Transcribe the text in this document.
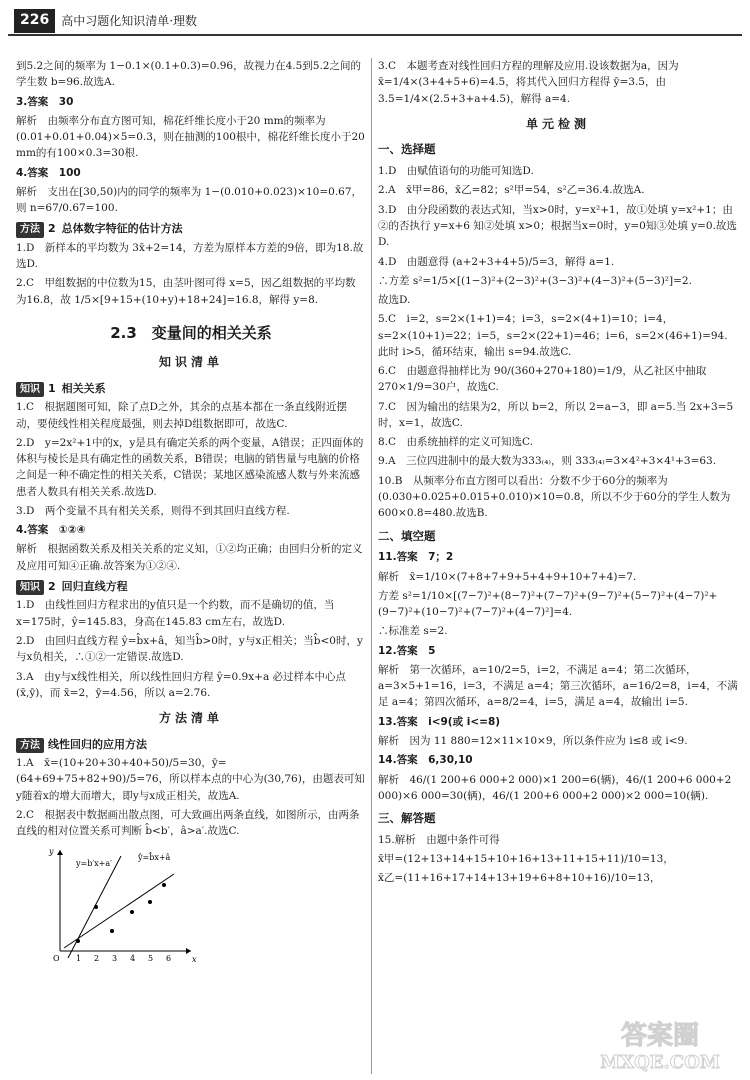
226	高中习题化知识清单·理数

到5.2之间的频率为 1−0.1×(0.1+0.3)=0.96，故视力在4.5到5.2之间的学生数 b=96.故选A.

3.答案　30

解析　由频率分布直方图可知，棉花纤维长度小于20 mm的频率为(0.01+0.01+0.04)×5=0.3，则在抽测的100根中，棉花纤维长度小于20 mm的有100×0.3=30根.

4.答案　100

解析　支出在[30,50)内的同学的频率为 1−(0.010+0.023)×10=0.67，则 n=67/0.67=100.

方法 2 总体数字特征的估计方法

1.D　新样本的平均数为 3x̄+2=14，方差为原样本方差的9倍，即为18.故选D.

2.C　甲组数据的中位数为15，由茎叶图可得 x=5，因乙组数据的平均数为16.8，故 1/5×[9+15+(10+y)+18+24]=16.8，解得 y=8.

2.3　变量间的相关关系
知识清单
知识 1 相关关系

1.C　根据题图可知，除了点D之外，其余的点基本都在一条直线附近摆动，要使线性相关程度最强，则去掉D组数据即可，故选C.

2.D　y=2x²+1中的x，y是具有确定关系的两个变量，A错误；正四面体的体积与棱长是具有确定性的函数关系，B错误；电脑的销售量与电脑的价格之间是一种不确定性的相关关系，C错误；某地区感染流感人数与外来流感患者人数具有相关关系.故选D.

3.D　两个变量不具有相关关系，则得不到其回归直线方程.

4.答案　①②④

解析　根据函数关系及相关关系的定义知，①②均正确；由回归分析的定义及应用可知④正确.故答案为①②④.

知识 2 回归直线方程

1.D　由线性回归方程求出的y值只是一个约数，而不是确切的值，当x=175时，ŷ=145.83，身高在145.83 cm左右，故选D.

2.D　由回归直线方程 ŷ=b̂x+â，知当b̂>0时，y与x正相关；当b̂<0时，y与x负相关，∴①②一定错误.故选D.

3.A　由y与x线性相关，所以线性回归方程 ŷ=0.9x+a 必过样本中心点(x̄,ȳ)，而 x̄=2，ȳ=4.56，所以 a=2.76.

方法清单
方法 线性回归的应用方法

1.A　x̄=(10+20+30+40+50)/5=30，ȳ=(64+69+75+82+90)/5=76，所以样本点的中心为(30,76)，由题表可知y随着x的增大而增大，即y与x成正相关，故选A.

2.C　根据表中数据画出散点图，可大致画出两条直线，如图所示，由两条直线的相对位置关系可判断 b̂<b′，â>a′.故选C.

y=b′x+a′
ŷ=b̂x+â
x
y
O 1 2 3 4 5 6

3.C　本题考查对线性回归方程的理解及应用.设该数据为a，因为 x̄=1/4×(3+4+5+6)=4.5，将其代入回归方程得 ȳ=3.5，由 3.5=1/4×(2.5+3+a+4.5)，解得 a=4.

单元检测
一、选择题

1.D　由赋值语句的功能可知选D.

2.A　x̄甲=86，x̄乙=82；s²甲=54，s²乙=36.4.故选A.

3.D　由分段函数的表达式知，当x>0时，y=x²+1，故①处填 y=x²+1；由②的否执行 y=x+6 知②处填 x>0；根据当x=0时，y=0知③处填 y=0.故选D.

4.D　由题意得 (a+2+3+4+5)/5=3，解得 a=1.

∴方差 s²=1/5×[(1−3)²+(2−3)²+(3−3)²+(4−3)²+(5−3)²]=2.

故选D.

5.C　i=2，s=2×(1+1)=4；i=3，s=2×(4+1)=10；i=4，s=2×(10+1)=22；i=5，s=2×(22+1)=46；i=6，s=2×(46+1)=94.此时 i>5，循环结束，输出 s=94.故选C.

6.C　由题意得抽样比为 90/(360+270+180)=1/9，从乙社区中抽取 270×1/9=30户，故选C.

7.C　因为输出的结果为2，所以 b=2，所以 2=a−3，即 a=5.当 2x+3=5 时，x=1，故选C.

8.C　由系统抽样的定义可知选C.

9.A　三位四进制中的最大数为333₍₄₎，则 333₍₄₎=3×4²+3×4¹+3=63.

10.B　从频率分布直方图可以看出：分数不少于60分的频率为(0.030+0.025+0.015+0.010)×10=0.8，所以不少于60分的学生人数为600×0.8=480.故选B.

二、填空题

11.答案　7；2

解析　x̄=1/10×(7+8+7+9+5+4+9+10+7+4)=7.

方差 s²=1/10×[(7−7)²+(8−7)²+(7−7)²+(9−7)²+(5−7)²+(4−7)²+(9−7)²+(10−7)²+(7−7)²+(4−7)²]=4.

∴标准差 s=2.

12.答案　5

解析　第一次循环，a=10/2=5，i=2，不满足 a=4；第二次循环，a=3×5+1=16，i=3，不满足 a=4；第三次循环，a=16/2=8，i=4，不满足 a=4；第四次循环，a=8/2=4，i=5，满足 a=4，故输出 i=5.

13.答案　i<9(或 i<=8)

解析　因为 11 880=12×11×10×9，所以条件应为 i≤8 或 i<9.

14.答案　6,30,10

解析　46/(1 200+6 000+2 000)×1 200=6(辆)，46/(1 200+6 000+2 000)×6 000=30(辆)，46/(1 200+6 000+2 000)×2 000=10(辆).

三、解答题

15.解析　由题中条件可得

x̄甲=(12+13+14+15+10+16+13+11+15+11)/10=13，

x̄乙=(11+16+17+14+13+19+6+8+10+16)/10=13，

答案圈
MXQE.COM
